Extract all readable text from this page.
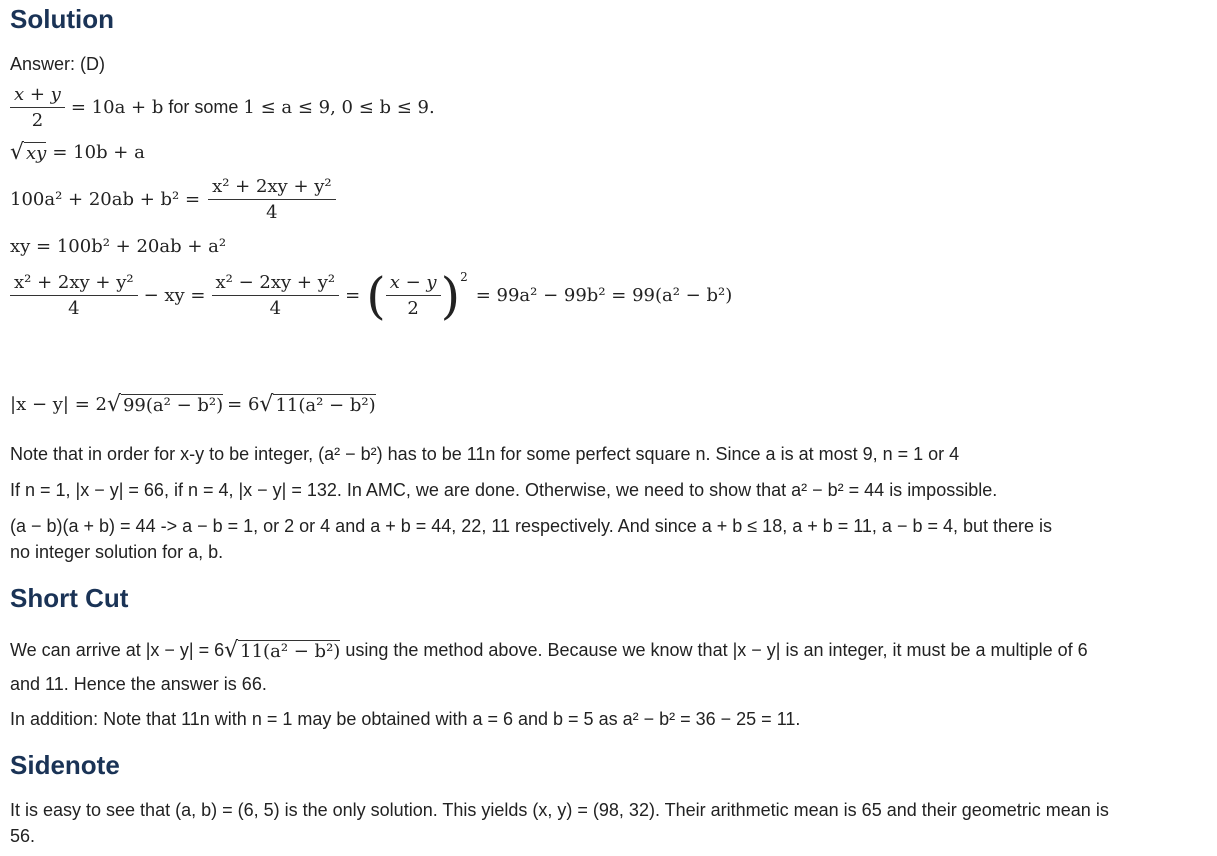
Solution
Answer: (D)
$\frac{x + y}{2} = 10a + b$ for some 1 ≤ a ≤ 9, 0 ≤ b ≤ 9.
√ xy = 10b + a
$100a^2 + 20ab + b^2 = \frac{\text{x² + 2xy + y²}}{4}$
xy = 100b² + 20ab + a²
$\frac{\text{x² + 2xy + y²}}{4}$ − xy = $\frac{\text{x² − 2xy + y²}}{4}$ = ( $\frac{x - y}{2}$ ) 2
= 99a² − 99b² = 99(a² − b²)
|x − y| = 2 √ 99(a² − b²) = 6 √ 11(a² − b²)
Note that in order for x-y to be integer, (a² − b²) has to be 11n for some perfect square n. Since a is at most 9, n = 1 or 4
If n = 1, |x − y| = 66, if n = 4, |x − y| = 132. In AMC, we are done. Otherwise, we need to show that a² − b² = 44 is impossible.
(a − b)(a + b) = 44 -> a − b = 1, or 2 or 4 and a + b = 44, 22, 11 respectively. And since a + b ≤ 18, a + b = 11, a − b = 4, but there is
no integer solution for a, b.
Short Cut
We can arrive at |x − y| = 6 √ 11(a² − b²) using the method above. Because we know that |x − y| is an integer, it must be a multiple of 6
and 11. Hence the answer is 66.
In addition: Note that 11n with n = 1 may be obtained with a = 6 and b = 5 as a² − b² = 36 − 25 = 11.
Sidenote
It is easy to see that (a, b) = (6, 5) is the only solution. This yields (x, y) = (98, 32). Their arithmetic mean is 65 and their geometric mean is
56.
